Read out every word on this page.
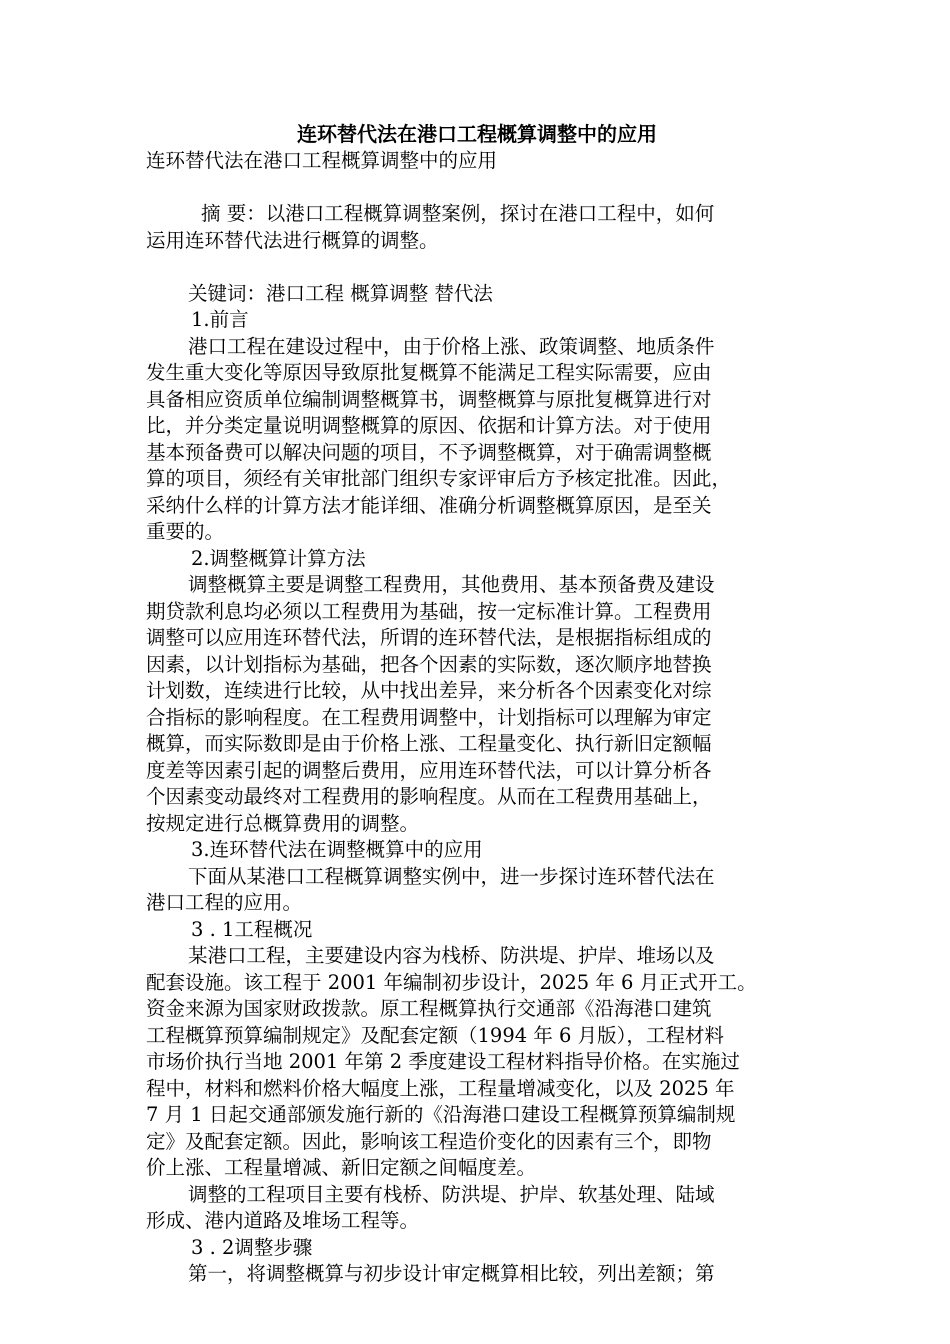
连环替代法在港口工程概算调整中的应用

连环替代法在港口工程概算调整中的应用

摘 要：以港口工程概算调整案例，探讨在港口工程中，如何

运用连环替代法进行概算的调整。

关键词：港口工程 概算调整 替代法

1.前言

港口工程在建设过程中，由于价格上涨、政策调整、地质条件

发生重大变化等原因导致原批复概算不能满足工程实际需要，应由

具备相应资质单位编制调整概算书，调整概算与原批复概算进行对

比，并分类定量说明调整概算的原因、依据和计算方法。对于使用

基本预备费可以解决问题的项目，不予调整概算，对于确需调整概

算的项目，须经有关审批部门组织专家评审后方予核定批准。因此，

采纳什么样的计算方法才能详细、准确分析调整概算原因，是至关

重要的。

2.调整概算计算方法

调整概算主要是调整工程费用，其他费用、基本预备费及建设

期贷款利息均必须以工程费用为基础，按一定标准计算。工程费用

调整可以应用连环替代法，所谓的连环替代法，是根据指标组成的

因素，以计划指标为基础，把各个因素的实际数，逐次顺序地替换

计划数，连续进行比较，从中找出差异，来分析各个因素变化对综

合指标的影响程度。在工程费用调整中，计划指标可以理解为审定

概算，而实际数即是由于价格上涨、工程量变化、执行新旧定额幅

度差等因素引起的调整后费用，应用连环替代法，可以计算分析各

个因素变动最终对工程费用的影响程度。从而在工程费用基础上，

按规定进行总概算费用的调整。

3.连环替代法在调整概算中的应用

下面从某港口工程概算调整实例中，进一步探讨连环替代法在

港口工程的应用。

3 . 1工程概况

某港口工程，主要建设内容为栈桥、防洪堤、护岸、堆场以及

配套设施。该工程于 2001 年编制初步设计，2025 年 6 月正式开工。

资金来源为国家财政拨款。原工程概算执行交通部《沿海港口建筑

工程概算预算编制规定》及配套定额（1994 年 6 月版），工程材料

市场价执行当地 2001 年第 2 季度建设工程材料指导价格。在实施过

程中，材料和燃料价格大幅度上涨，工程量增减变化，以及 2025 年

7 月 1 日起交通部颁发施行新的《沿海港口建设工程概算预算编制规

定》及配套定额。因此，影响该工程造价变化的因素有三个，即物

价上涨、工程量增减、新旧定额之间幅度差。

调整的工程项目主要有栈桥、防洪堤、护岸、软基处理、陆域

形成、港内道路及堆场工程等。

3 . 2调整步骤

第一，将调整概算与初步设计审定概算相比较，列出差额；第
